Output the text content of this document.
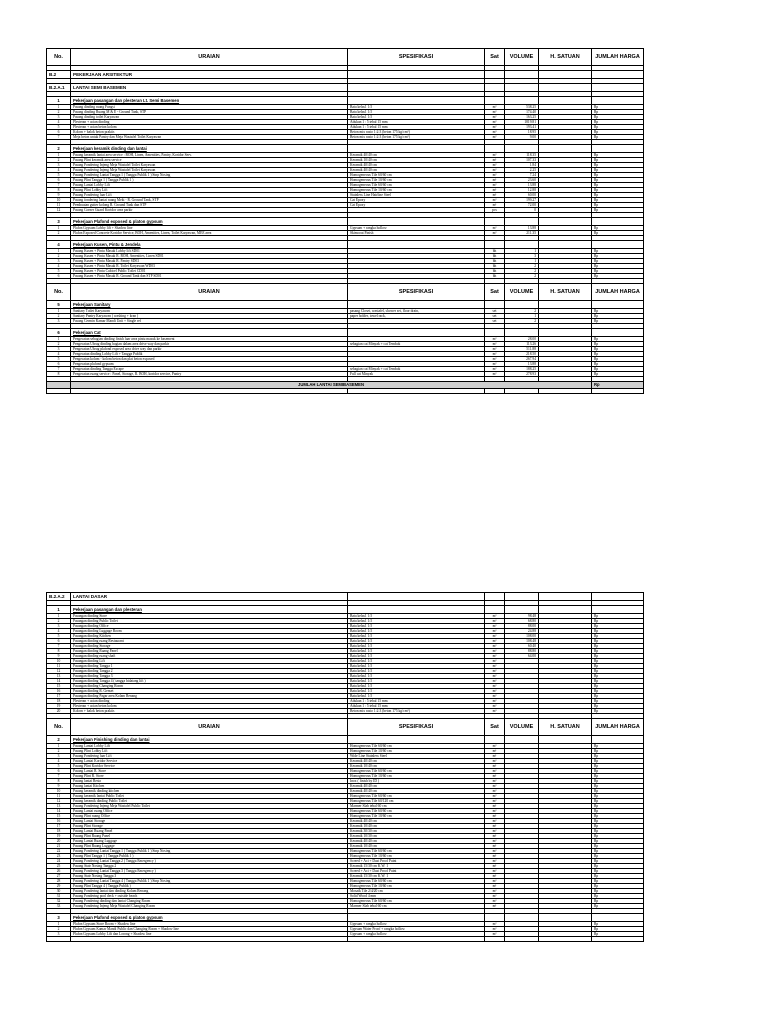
No.	URAIAN	SPESIFIKASI	Sat	VOLUME	H. SATUAN	JUMLAH HARGA

B.2	PEKERJAAN ARSITEKTUR					

B.2.A.1	LANTAI SEMI BASEMEN					

1	Pekerjaan pasangan dan plesteran Lt. Semi Basemen					
1	Pasang dinding ruang Fungsi	Bata kelas1 1:5	m²	538.25		Rp
2	Pasang dinding Ruang M & E - Ground Tank, STP	Bata kelas1 1:5	m²	174.40		Rp
3	Pasang dinding toilet Karyawan	Bata kelas1 1:5	m²	163.25		Rp
4	Plesteran + acian dinding	Adukan 1 : 5 tebal 15 mm	m²	1819.81		Rp
5	Plesteran + acian beton kolom	Adukan 1 : 5 tebal 15 mm	m²	193.41		Rp
6	Kolom + balok beton praktis	Beton mix rasio 1:2:3 (beton 175 kg/cm²)	m³	18.95		Rp
7	Meja beton untuk Pantry dan Meja Wastafel Toilet Karyawan	Beton mix rasio 1:2:3 (beton 175 kg/cm²)	m²	9.00		Rp

2	Pekerjaan keramik dinding dan lantai					
1	Pasang keramik lantai area service : BOH, Linen, Amenities, Pantry, Koridor Serv.	Keramik 40/40 cm	m²	118.35		Rp
2	Pasang Plint keramik area service	Keramik 10/40 cm	m¹	107.33		Rp
3	Pasang Fondering Injeng Meja Wastafel Toilet Karyawan	Keramik 40/40 cm	m²	1.84		Rp
4	Pasang Fondering Injeng Meja Wastafel Toilet Karyawan	Keramik 40/40 cm	m²	2.25		Rp
5	Pasang Fondering Lantai Tangga 1 ( Tangga Publik 1 ) Stnp Nosing	Homogeneous Tile 60/60 cm	m²	7.24		Rp
6	Pasang Plint Tangga 1 ( Tangga Publik 1 )	Homogeneous Tile 10/60 cm	m¹	23.60		Rp
7	Pasang Lantai Lobby Lift	Homogeneous Tile 60/60 cm	m²	13.88		Rp
8	Pasang Plint Lobby Lift	Homogeneous Tile 10/60 cm	m¹	12.88		Rp
9	Pasang Fondering luar Lift	Stainless Line Hairline Steel	m¹	60.00		Rp
10	Pasang fondering lantai ruang Mekt - R. Ground Tank, STP	Cat Epoxy	m²	199.27		Rp
11	Pembuatan gutter kolong R. Ground Tank dan STP	Cat Epoxy	m¹	72.00		Rp
12	Pasang Corner Guard Koridor area parkir		pcs	0		Rp

3	Pekerjaan Plafond exposed & platon gypsum					
1	Plafon Gypsum Lobby lift + Shadow line	Gypsum + rangka hollow	m²	13.88		Rp
2	Plafon Exposed Concrete Koridor Service, BOH, Amenities, Linen, Toilet Karyawan, MEE area	Skimcoat Finish	m²	211.35		Rp

4	Pekerjaan Kusen, Pintu & Jendela					
1	Pasang Kusen + Pintu Masuk Lobby lift SD01		bh	1		Rp
2	Pasang Kusen + Pintu Masuk R. BOH, Amenities, Linen SD01		bh	3		Rp
3	Pasang Kusen + Pintu Masuk R. Pantry SD03		bh	1		Rp
4	Pasang Kusen + Pintu Masuk R. Toilet Karyawan WD03		bh	2		Rp
5	Pasang Kusen + Pintu Cubicel Public Toilet CD01		bh	2		Rp
6	Pasang Kusen + Pintu Masuk R. Ground Tank dan STP SD01		bh	2		Rp

No.	URAIAN	SPESIFIKASI	Sat	VOLUME	H. SATUAN	JUMLAH HARGA
5	Pekerjaan Sanitary					
1	Sanitary Toilet Karyawan	pasang Closet, wastafel, shower set, floor drain,	set	2		Rp
2	Sanitary Pantry Karyawan ( washing + kran )	paper holder, towel rack,	set	1		Rp
3	Pasang Cermin Kamar Mandi Unit + Single ref		set	2		Rp

6	Pekerjaan Cat					
1	Pengecatan sebagian dinding finish luar area pintu masuk ke basement		m²	28.00		Rp
2	Pengecatan Ubrug dinding bagian dalam area drive way dan parkir	sebagian cat Minyak + cat Tembok	m²	113.26		Rp
3	Pengecatan Ubrug plafond exposed area drive way dan parkir		m²	511.88		Rp
4	Pengecatan dinding Lobby Lift + Tangga Publik		m²	218.50		Rp
5	Pengecatan kolom - kolom beton dan plat beton exposed		m²	267.94		Rp
6	Pengecatan plafond gypsum		m²	13.88		Rp
7	Pengecatan dinding Tangga Escape	sebagian cat Minyak + cat Tembok	m²	188.25		Rp
8	Pengecatan ruang service : Panel, Storage, R. BOH, koridor service, Pantry	Full cat Minyak	m²	278.93		Rp

	JUMLAH LANTAI SEMIBASEMEN					Rp

B.2.A.2	LANTAI DASAR					

1	Pekerjaan pasangan dan plesteran					
1	Pasangan dinding Store	Bata kelas1 1:5	m²	98.48		Rp
2	Pasangan dinding Public Toilet	Bata kelas1 1:5	m²	68.80		Rp
3	Pasangan dinding Office	Bata kelas1 1:5	m²	88.00		Rp
4	Pasangan dinding Luggage Room	Bata kelas1 1:5	m²	24.88		Rp
5	Pasangan dinding Kitchen	Bata kelas1 1:5	m²	108.00		Rp
6	Pasangan dinding ruang Restaurant	Bata kelas1 1:5	m²	108.48		Rp
7	Pasangan dinding Storage	Bata kelas1 1:5	m²	60.40		Rp
8	Pasangan dinding Ruang Panel	Bata kelas1 1:5	m²	88.80		Rp
9	Pasangan dinding ruang shaft	Bata kelas1 1:5	m²	64.00		Rp
10	Pasangan dinding Lift	Bata kelas1 1:5	m²			Rp
11	Pasangan dinding Tangga 1	Bata kelas1 1:5	m²			Rp
12	Pasangan dinding Tangga 2	Bata kelas1 1:5	m²			Rp
13	Pasangan dinding Tangga 3	Bata kelas1 1:5	m²			Rp
14	Pasangan dinding Tangga 4 ( tangga hidatang lift )	Bata kelas1 1:5	m²			Rp
15	Pasangan dinding Changing Room	Bata kelas1 1:5	m²			Rp
16	Pasangan dinding R. Genset	Bata kelas1 1:5	m²			Rp
17	Pasangan dinding Pagar area Kolam Renang	Bata kelas1 1:5	m²			Rp
18	Plesteran + acian dinding	Adukan 1 : 5 tebal 15 mm	m²			Rp
19	Plesteran + acian beton kolom	Adukan 1 : 5 tebal 15 mm	m²			Rp
20	Kolom + balok beton praktis	Beton mix rasio 1:2:3 (beton 175 kg/cm²)	m³			Rp

No.	URAIAN	SPESIFIKASI	Sat	VOLUME	H. SATUAN	JUMLAH HARGA
2	Pekerjaan Finishing dinding dan lantai					
1	Pasang Lantai Lobby Lift	Homogeneous Tile 60/60 cm	m²			Rp
2	Pasang Plint Lobby Lift	Homogeneous Tile 10/60 cm	m¹			Rp
3	Pasang Fondering luar Lift	Wide Line Stainless Steel	m¹			Rp
4	Pasang Lantai Koridor Service	Keramik 40/40 cm	m²			Rp
5	Pasang Plint Koridor Service	Keramik 10/40 cm	m¹			Rp
6	Pasang Lantai R. Store	Homogeneous Tile 60/60 cm	m²			Rp
7	Pasang Plint R. Store	Homogeneous Tile 10/60 cm	m¹			Rp
8	Pasang lantai Resto	Inox ( finish by ID )	m²			Rp
9	Pasang lantai Kitchen	Keramik 40/40 cm	m²			Rp
10	Pasang keramik dinding kitchen	Keramik 40/40 cm	m²			Rp
11	Pasang keramik lantai Public Toilet	Homogeneous Tile 60/60 cm	m²			Rp
12	Pasang keramik dinding Public Toilet	Homogeneous Tile 60/120 cm	m²			Rp
13	Pasang Fondering Injeng Meja Wastafel Public Toilet	Marmer Slab tebal 60 cm	m¹			Rp
14	Pasang Lantai ruang Office	Homogeneous Tile 60/60 cm	m²			Rp
15	Pasang Plint ruang Office	Homogeneous Tile 10/60 cm	m¹			Rp
16	Pasang Lantai Storage	Keramik 40/40 cm	m²			Rp
17	Pasang Plint Storage	Keramik 10/40 cm	m¹			Rp
18	Pasang Lantai Ruang Panel	Keramik 30/30 cm	m²			Rp
19	Pasang Plint Ruang Panel	Keramik 10/30 cm	m¹			Rp
20	Pasang Lantai Ruang Luggage	Keramik 40/40 cm	m²			Rp
21	Pasang Plint Ruang Luggage	Keramik 10/40 cm	m¹			Rp
22	Pasang Fondering Lantai Tangga 1 ( Tangga Publik 1 ) Stnp Nosing	Homogeneous Tile 60/60 cm	m²			Rp
23	Pasang Plint Tangga 1 ( Tangga Publik 1 )	Homogeneous Tile 10/60 cm	m¹			Rp
24	Pasang Fondering Lantai Tangga 2 ( Tangga Emergency )	Screed + Aci + Dust Proof Paint	m²			Rp
25	Pasang Stair Nosing Tangga 2	Keramik 15/30 cm K.W. 1	m¹			Rp
26	Pasang Fondering Lantai Tangga 3 ( Tangga Emergency )	Screed + Aci + Dust Proof Paint	m²			Rp
27	Pasang Stair Nosing Tangga 3	Keramik 15/30 cm K.W. 1	m¹			Rp
28	Pasang Fondering Lantai Tangga 4 ( Tangga Publik 1 ) Stnp Nosing	Homogeneous Tile 60/60 cm	m²			Rp
29	Pasang Plint Tangga 4 ( Tangga Publik )	Homogeneous Tile 10/60 cm	m¹			Rp
30	Pasang Fondering lantai dan dinding Kolam Renang	Mosaik Tile 2/4/20 cm	m²			Rp
31	Pasang Fondering pool deck + outside beach	Solid Wood 4 mm	m²			Rp
32	Pasang Fondering dinding dan lantai Changing Room	Homogeneous Tile 60/60 cm	m²			Rp
33	Pasang Fondering Injeng Meja Wastafel Changing Room	Marmer Slab tebal 60 cm	m¹			Rp

3	Pekerjaan Plafond exposed & platon gypsum					
1	Plafon Gypsum Store Room + Shadow line	Gypsum + rangka hollow	m²			Rp
2	Plafon Gypsum Kamar Mandi Public dan Changing Room + Shadow line	Gypsum Water Proof + rangka hollow	m²			Rp
3	Plafon Gypsum Lobby Lift dan Lorong + Shadow line	Gypsum + rangka hollow	m²			Rp
